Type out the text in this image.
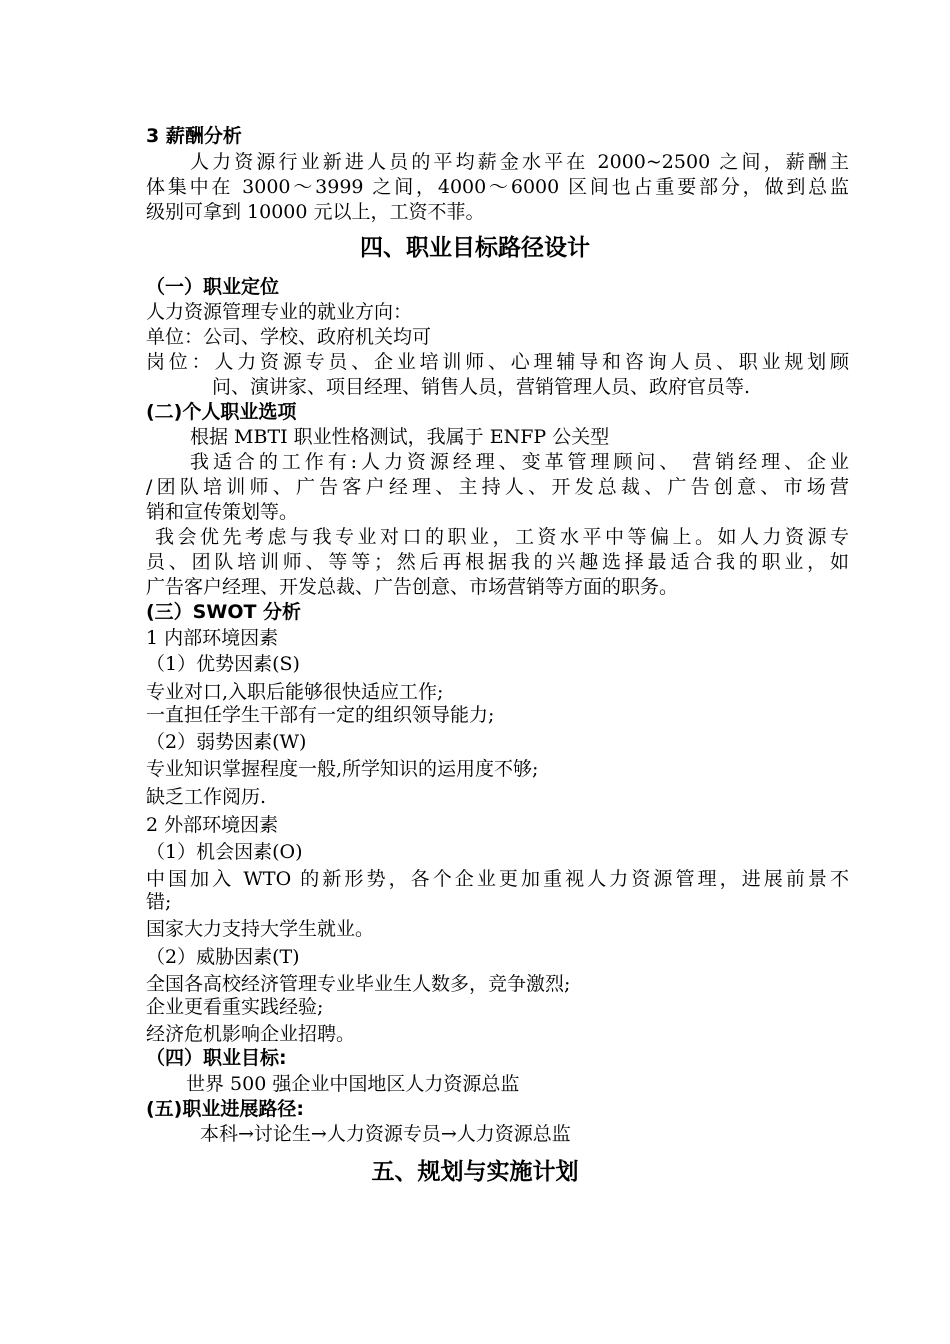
3 薪酬分析
人力资源行业新进人员的平均薪金水平在 2000~2500 之间，薪酬主
体集中在 3000～3999 之间，4000～6000 区间也占重要部分，做到总监
级别可拿到 10000 元以上，工资不菲。
四、职业目标路径设计
（一）职业定位
人力资源管理专业的就业方向：
单位：公司、学校、政府机关均可
岗位：人力资源专员、企业培训师、心理辅导和咨询人员、职业规划顾
问、演讲家、项目经理、销售人员，营销管理人员、政府官员等.
(二)个人职业选项
根据 MBTI 职业性格测试，我属于 ENFP 公关型
我适合的工作有:人力资源经理、变革管理顾问、 营销经理、企业
/团队培训师、广告客户经理、主持人、开发总裁、广告创意、市场营
销和宣传策划等。
我会优先考虑与我专业对口的职业，工资水平中等偏上。如人力资源专
员、团队培训师、等等；然后再根据我的兴趣选择最适合我的职业，如
广告客户经理、开发总裁、广告创意、市场营销等方面的职务。
(三）SWOT 分析
1 内部环境因素
（1）优势因素(S)
专业对口,入职后能够很快适应工作;
一直担任学生干部有一定的组织领导能力;
（2）弱势因素(W)
专业知识掌握程度一般,所学知识的运用度不够;
缺乏工作阅历.
2 外部环境因素
（1）机会因素(O)
中国加入 WTO 的新形势，各个企业更加重视人力资源管理，进展前景不
错;
国家大力支持大学生就业。
（2）威胁因素(T)
全国各高校经济管理专业毕业生人数多，竞争激烈;
企业更看重实践经验;
经济危机影响企业招聘。
（四）职业目标:
世界 500 强企业中国地区人力资源总监
(五)职业进展路径:
本科→讨论生→人力资源专员→人力资源总监
五、规划与实施计划
